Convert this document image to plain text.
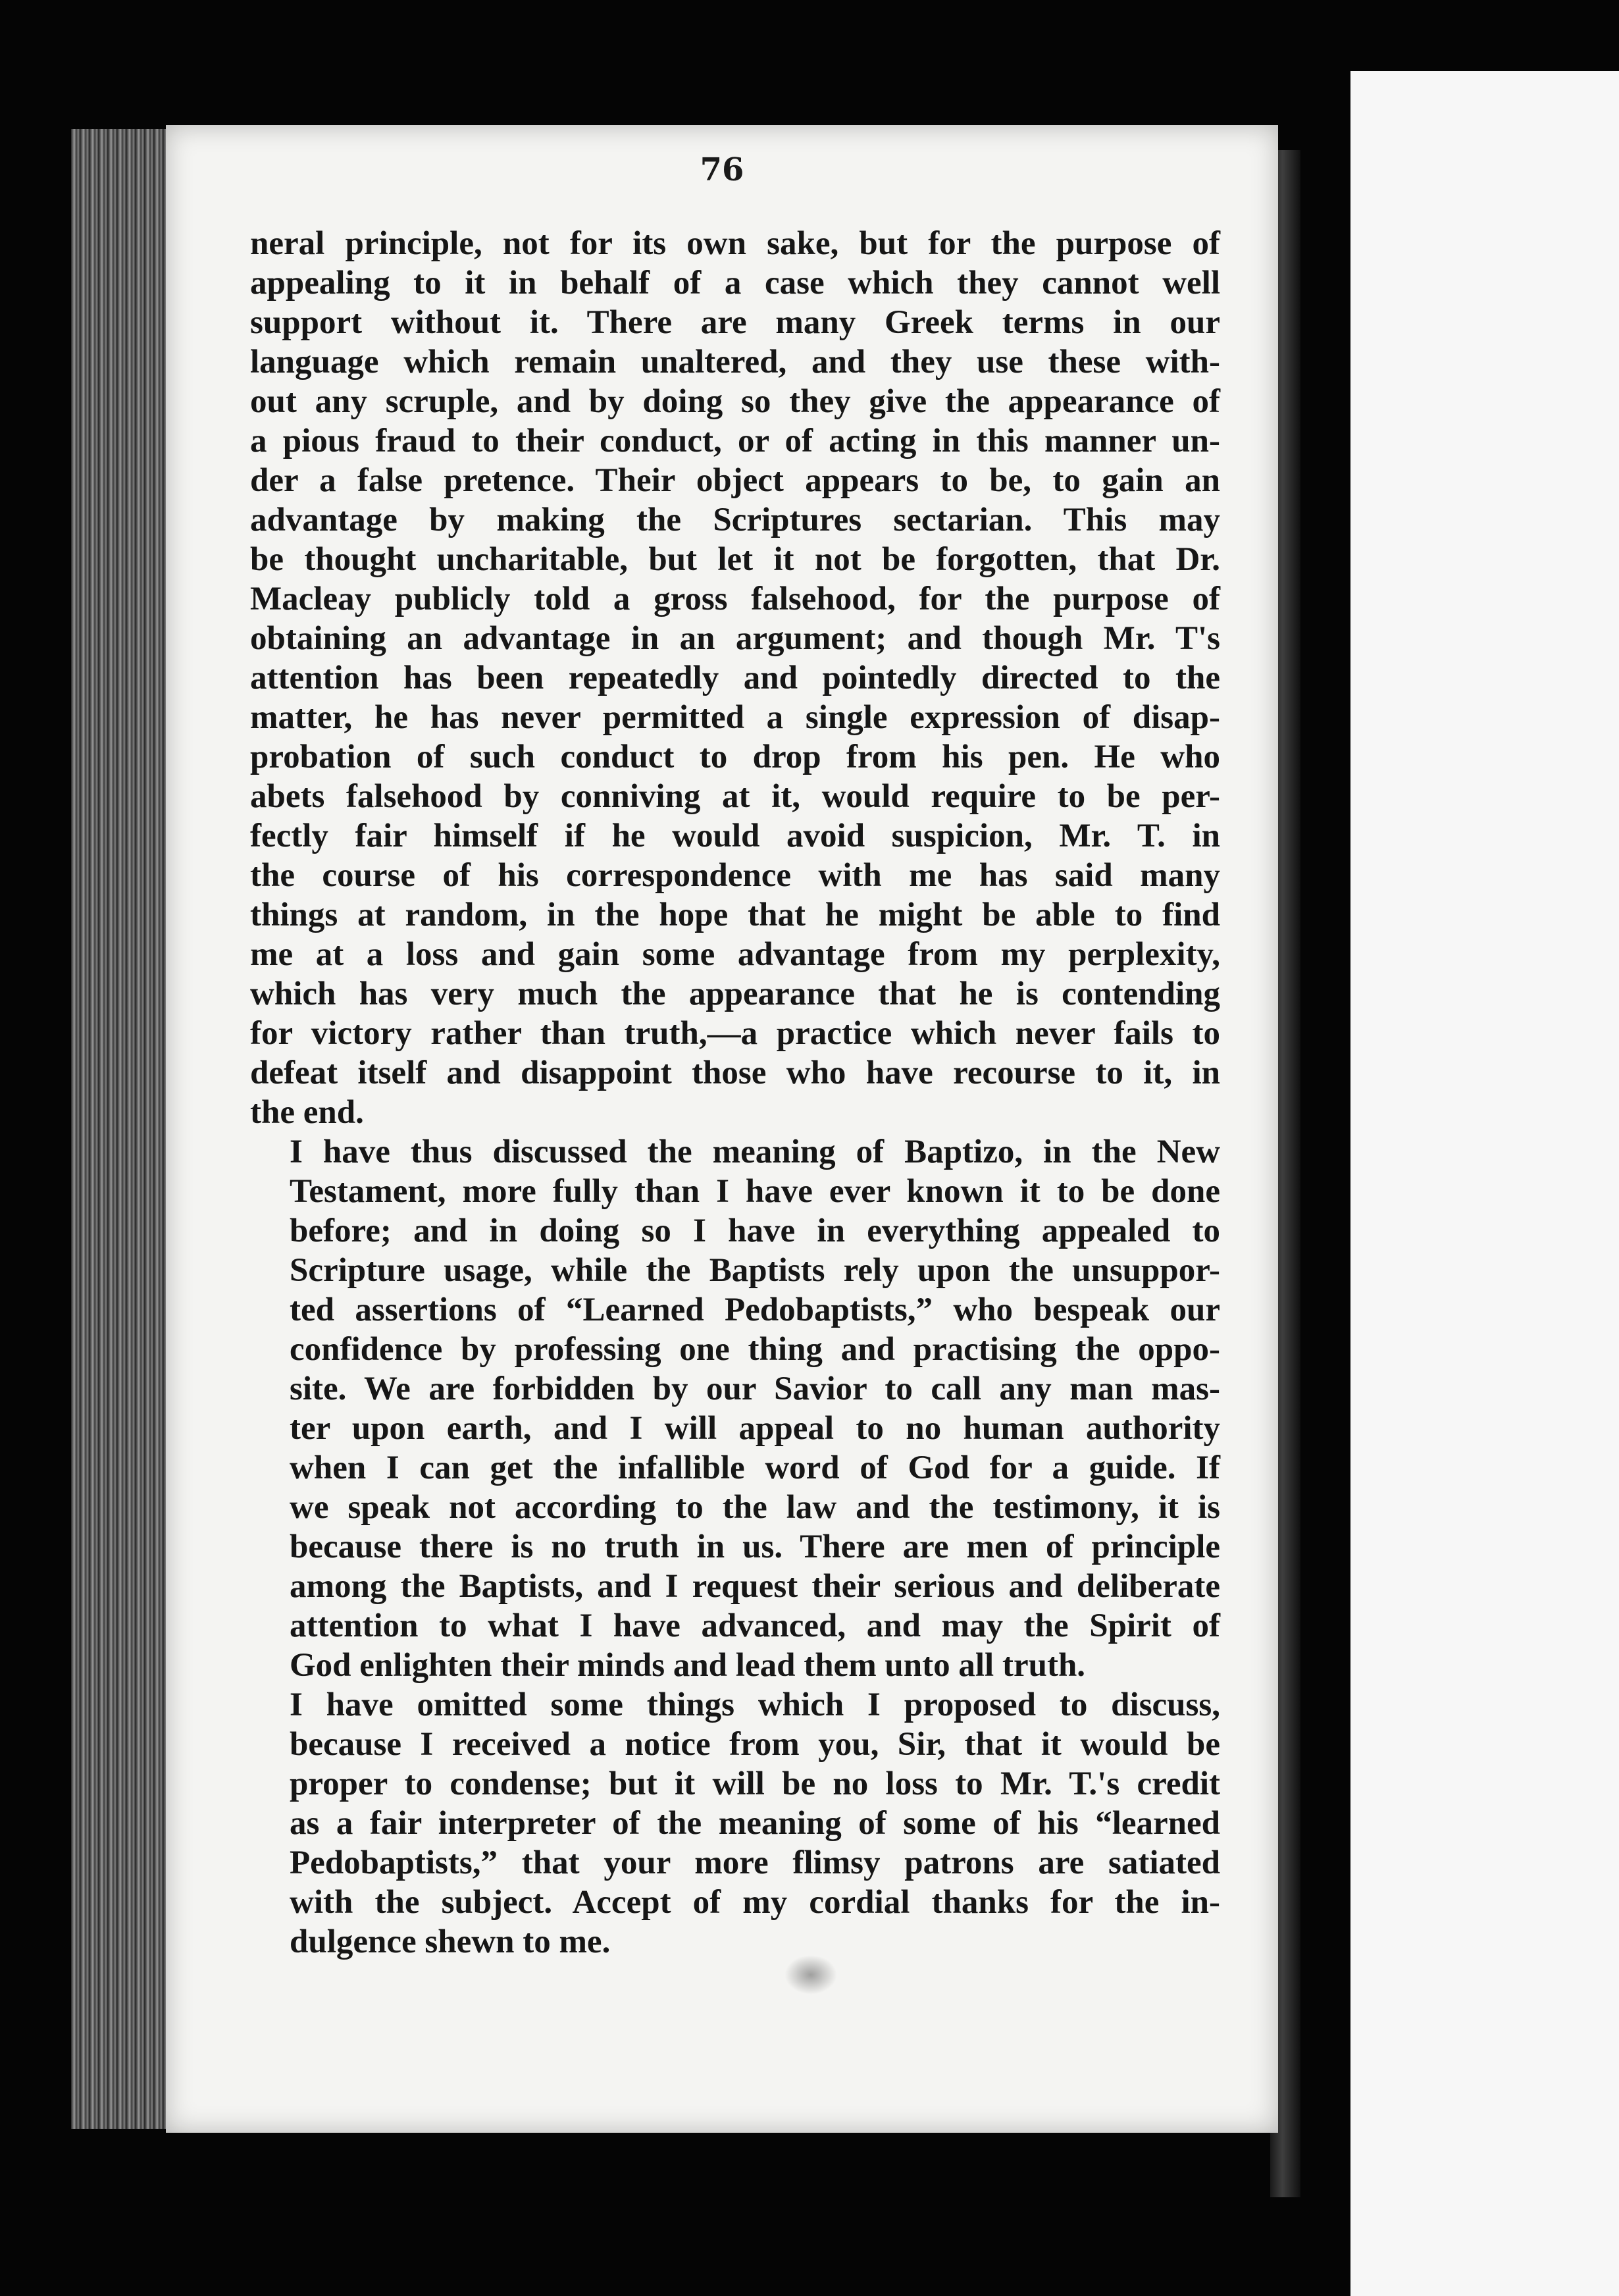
76

neral principle, not for its own sake, but for the purpose of
appealing to it in behalf of a case which they cannot well
support without it. There are many Greek terms in our
language which remain unaltered, and they use these with-
out any scruple, and by doing so they give the appearance of
a pious fraud to their conduct, or of acting in this manner un-
der a false pretence. Their object appears to be, to gain an
advantage by making the Scriptures sectarian. This may
be thought uncharitable, but let it not be forgotten, that Dr.
Macleay publicly told a gross falsehood, for the purpose of
obtaining an advantage in an argument; and though Mr. T's
attention has been repeatedly and pointedly directed to the
matter, he has never permitted a single expression of disap-
probation of such conduct to drop from his pen. He who
abets falsehood by conniving at it, would require to be per-
fectly fair himself if he would avoid suspicion, Mr. T. in
the course of his correspondence with me has said many
things at random, in the hope that he might be able to find
me at a loss and gain some advantage from my perplexity,
which has very much the appearance that he is contending
for victory rather than truth,—a practice which never fails to
defeat itself and disappoint those who have recourse to it, in
the end.
I have thus discussed the meaning of Baptizo, in the New
Testament, more fully than I have ever known it to be done
before; and in doing so I have in everything appealed to
Scripture usage, while the Baptists rely upon the unsuppor-
ted assertions of “Learned Pedobaptists,” who bespeak our
confidence by professing one thing and practising the oppo-
site. We are forbidden by our Savior to call any man mas-
ter upon earth, and I will appeal to no human authority
when I can get the infallible word of God for a guide. If
we speak not according to the law and the testimony, it is
because there is no truth in us. There are men of principle
among the Baptists, and I request their serious and deliberate
attention to what I have advanced, and may the Spirit of
God enlighten their minds and lead them unto all truth.
I have omitted some things which I proposed to discuss,
because I received a notice from you, Sir, that it would be
proper to condense; but it will be no loss to Mr. T.'s credit
as a fair interpreter of the meaning of some of his “learned
Pedobaptists,” that your more flimsy patrons are satiated
with the subject. Accept of my cordial thanks for the in-
dulgence shewn to me.
